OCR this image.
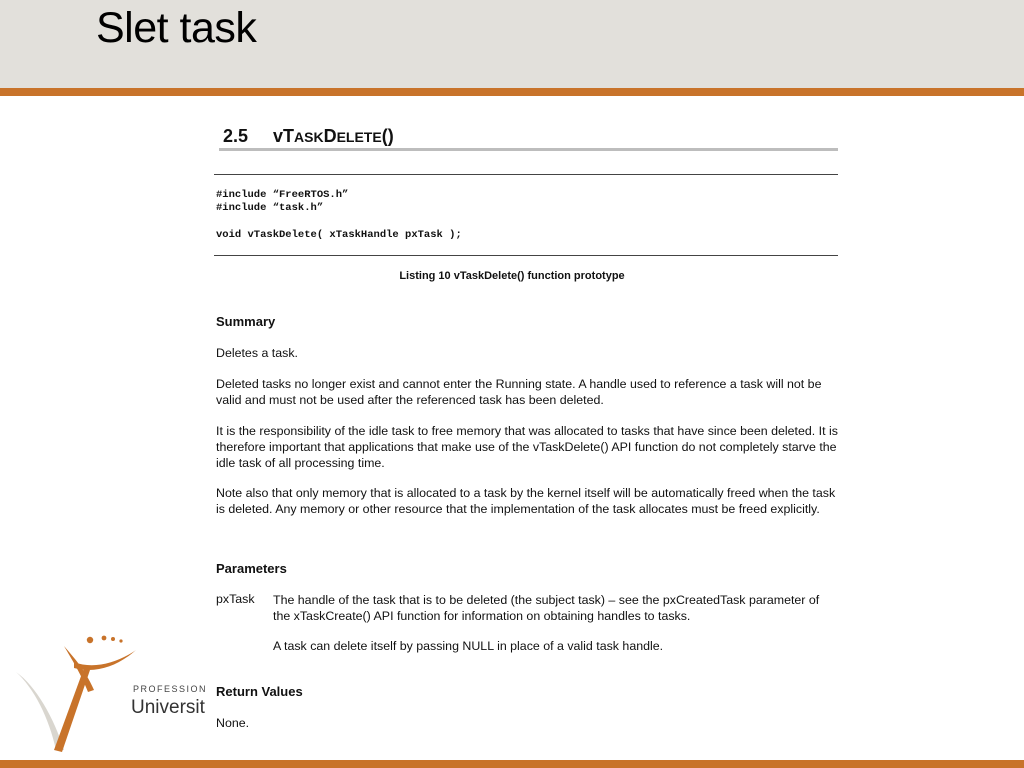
Slet task
2.5 vTASKDELETE()
#include “FreeRTOS.h”
#include “task.h”
void vTaskDelete( xTaskHandle pxTask );
Listing 10 vTaskDelete() function prototype
Summary
Deletes a task.
Deleted tasks no longer exist and cannot enter the Running state. A handle used to reference a task will not be valid and must not be used after the referenced task has been deleted.
It is the responsibility of the idle task to free memory that was allocated to tasks that have since been deleted. It is therefore important that applications that make use of the vTaskDelete() API function do not completely starve the idle task of all processing time.
Note also that only memory that is allocated to a task by the kernel itself will be automatically freed when the task is deleted. Any memory or other resource that the implementation of the task allocates must be freed explicitly.
Parameters
pxTask The handle of the task that is to be deleted (the subject task) – see the pxCreatedTask parameter of the xTaskCreate() API function for information on obtaining handles to tasks.
A task can delete itself by passing NULL in place of a valid task handle.
Return Values
None.
PROFESSION
Universit
